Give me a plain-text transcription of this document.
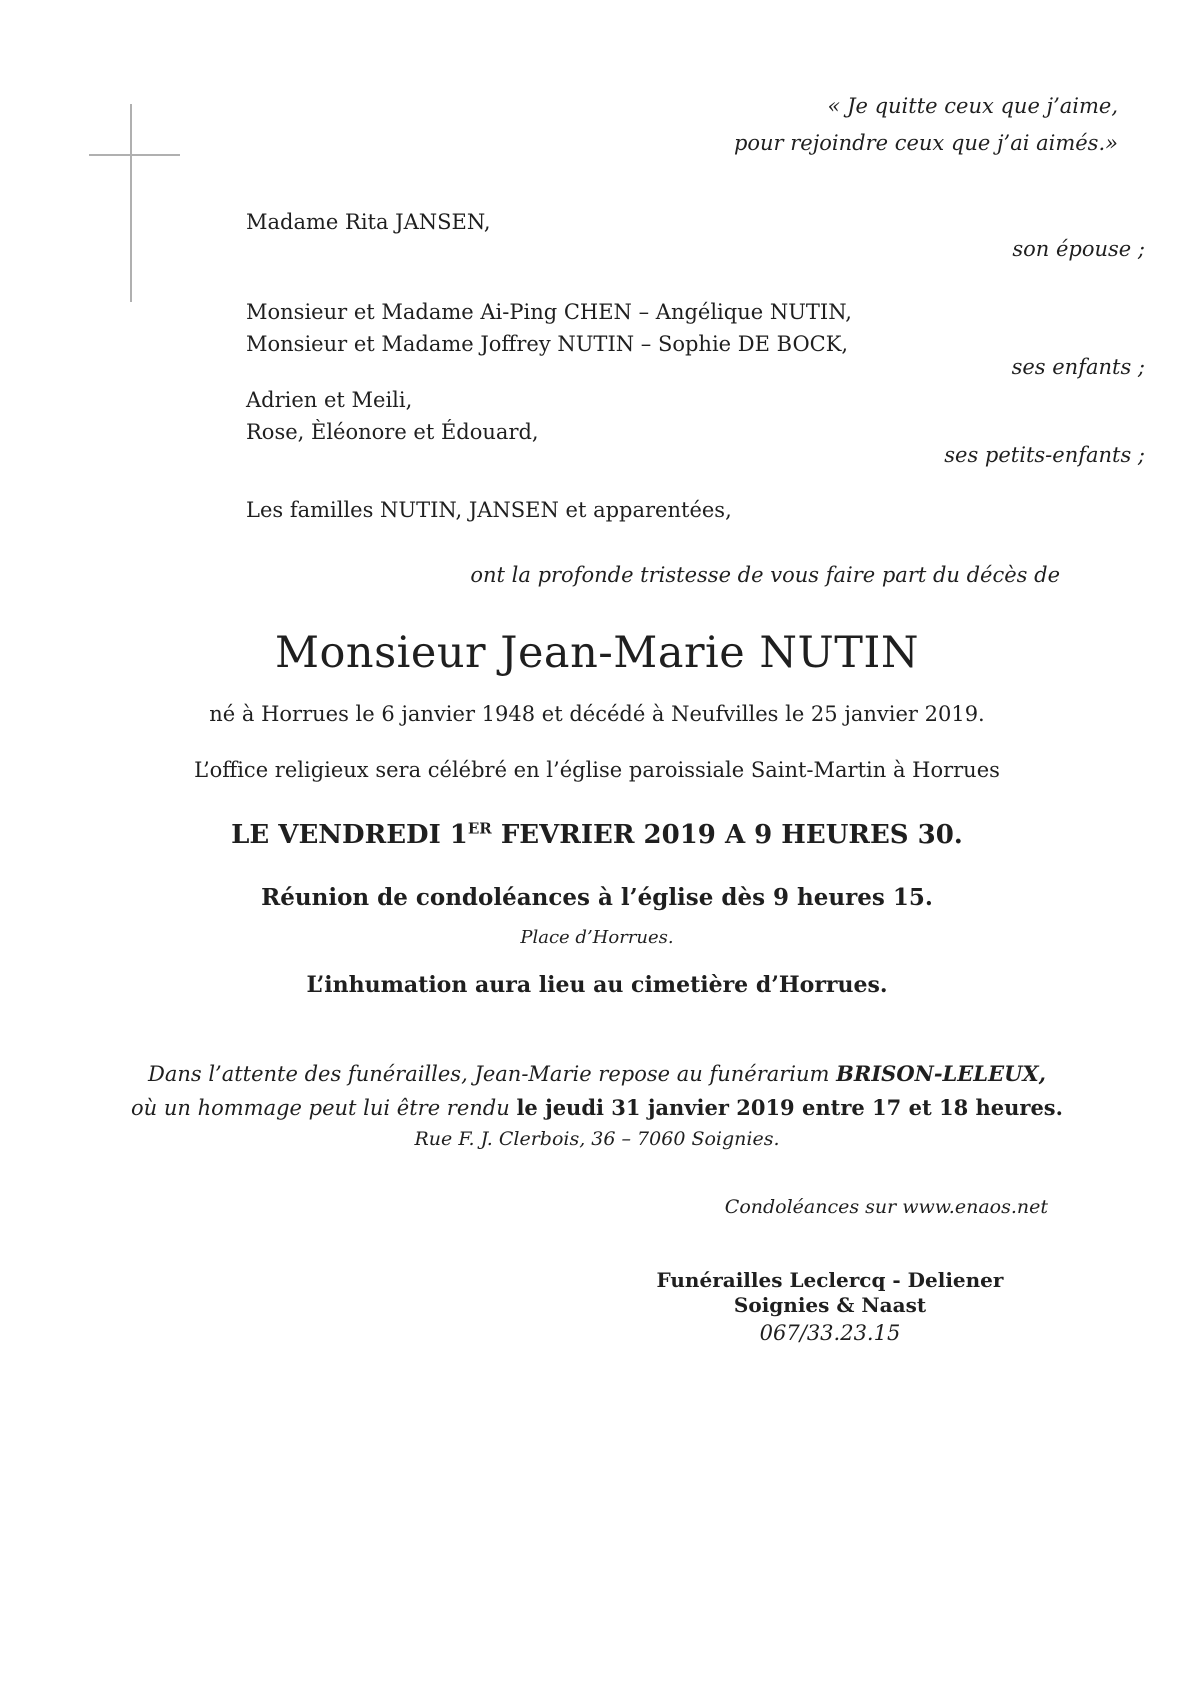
« Je quitte ceux que j’aime,
pour rejoindre ceux que j’ai aimés.»
Madame Rita JANSEN,
son épouse ;
Monsieur et Madame Ai-Ping CHEN – Angélique NUTIN,
Monsieur et Madame Joffrey NUTIN – Sophie DE BOCK,
ses enfants ;
Adrien et Meili,
Rose, Èléonore et Édouard,
ses petits-enfants ;
Les familles NUTIN, JANSEN et apparentées,
ont la profonde tristesse de vous faire part du décès de
Monsieur Jean-Marie NUTIN
né à Horrues le 6 janvier 1948 et décédé à Neufvilles le 25 janvier 2019.
L’office religieux sera célébré en l’église paroissiale Saint-Martin à Horrues
LE VENDREDI 1ER FEVRIER 2019 A 9 HEURES 30.
Réunion de condoléances à l’église dès 9 heures 15.
Place d’Horrues.
L’inhumation aura lieu au cimetière d’Horrues.
Dans l’attente des funérailles, Jean-Marie repose au funérarium BRISON-LELEUX,
où un hommage peut lui être rendu le jeudi 31 janvier 2019 entre 17 et 18 heures.
Rue F. J. Clerbois, 36 – 7060 Soignies.
Condoléances sur www.enaos.net
Funérailles Leclercq - Deliener
Soignies & Naast
067/33.23.15
